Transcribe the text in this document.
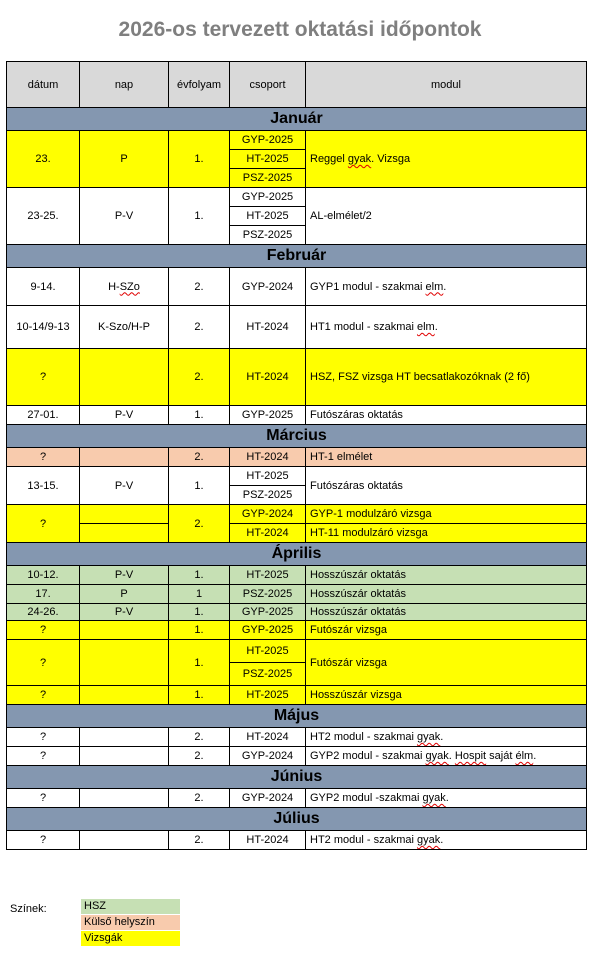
2026-os tervezett oktatási időpontok
dátum	nap	évfolyam	csoport	modul
Január				
23.	P	1.	GYP-2025	Reggel gyak. Vizsga
			HT-2025	
			PSZ-2025	
23-25.	P-V	1.	GYP-2025	AL-elmélet/2
			HT-2025	
			PSZ-2025	
Február				
9-14.	H-SZo	2.	GYP-2024	GYP1 modul - szakmai elm.
10-14/9-13	K-Szo/H-P	2.	HT-2024	HT1 modul - szakmai elm.
?		2.	HT-2024	HSZ, FSZ vizsga HT becsatlakozóknak (2 fő)
27-01.	P-V	1.	GYP-2025	Futószáras oktatás
Március				
?		2.	HT-2024	HT-1 elmélet
13-15.	P-V	1.	HT-2025	Futószáras oktatás
			PSZ-2025	
?		2.	GYP-2024	GYP-1 modulzáró vizsga
			HT-2024	HT-11 modulzáró vizsga
Április				
10-12.	P-V	1.	HT-2025	Hosszúszár oktatás
17.	P	1	PSZ-2025	Hosszúszár oktatás
24-26.	P-V	1.	GYP-2025	Hosszúszár oktatás
?		1.	GYP-2025	Futószár vizsga
?		1.	HT-2025	Futószár vizsga
			PSZ-2025	
?		1.	HT-2025	Hosszúszár vizsga
Május				
?		2.	HT-2024	HT2 modul - szakmai gyak.
?		2.	GYP-2024	GYP2 modul - szakmai gyak. Hospit saját élm.
Június				
?		2.	GYP-2024	GYP2 modul -szakmai gyak.
Július				
?		2.	HT-2024	HT2 modul - szakmai gyak.
Színek:	HSZ
Külső helyszín
Vizsgák
